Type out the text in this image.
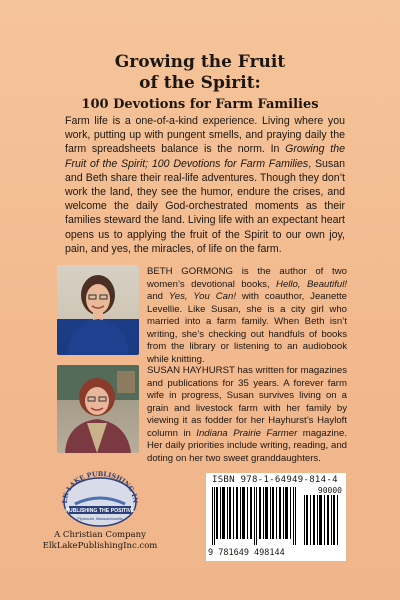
Growing the Fruit
of the Spirit:
100 Devotions for Farm Families
Farm life is a one-of-a-kind experience. Living where you work, putting up with pungent smells, and praying daily the farm spreadsheets balance is the norm. In Growing the Fruit of the Spirit; 100 Devotions for Farm Families, Susan and Beth share their real-life adventures. Though they don’t work the land, they see the humor, endure the crises, and welcome the daily God-orchestrated moments as their families steward the land. Living life with an expectant heart opens us to applying the fruit of the Spirit to our own joy, pain, and yes, the miracles, of life on the farm.
BETH GORMONG is the author of two women’s devotional books, Hello, Beautiful! and Yes, You Can! with coauthor, Jeanette Levellie. Like Susan, she is a city girl who married into a farm family. When Beth isn’t writing, she’s checking out handfuls of books from the library or listening to an audiobook while knitting.
SUSAN HAYHURST has written for magazines and publications for 35 years. A forever farm wife in progress, Susan survives living on a grain and livestock farm with her family by viewing it as fodder for her Hayhurst’s Hayloft column in Indiana Prairie Farmer magazine. Her daily priorities include writing, reading, and doting on her two sweet granddaughters.
LK LAKE PUBLISHING IN
PUBLISHING THE POSITIVE
Plymouth, Massachusetts
A Christian Company
ElkLakePublishingInc.com
ISBN 978-1-64949-814-4
90000
9 781649 498144
